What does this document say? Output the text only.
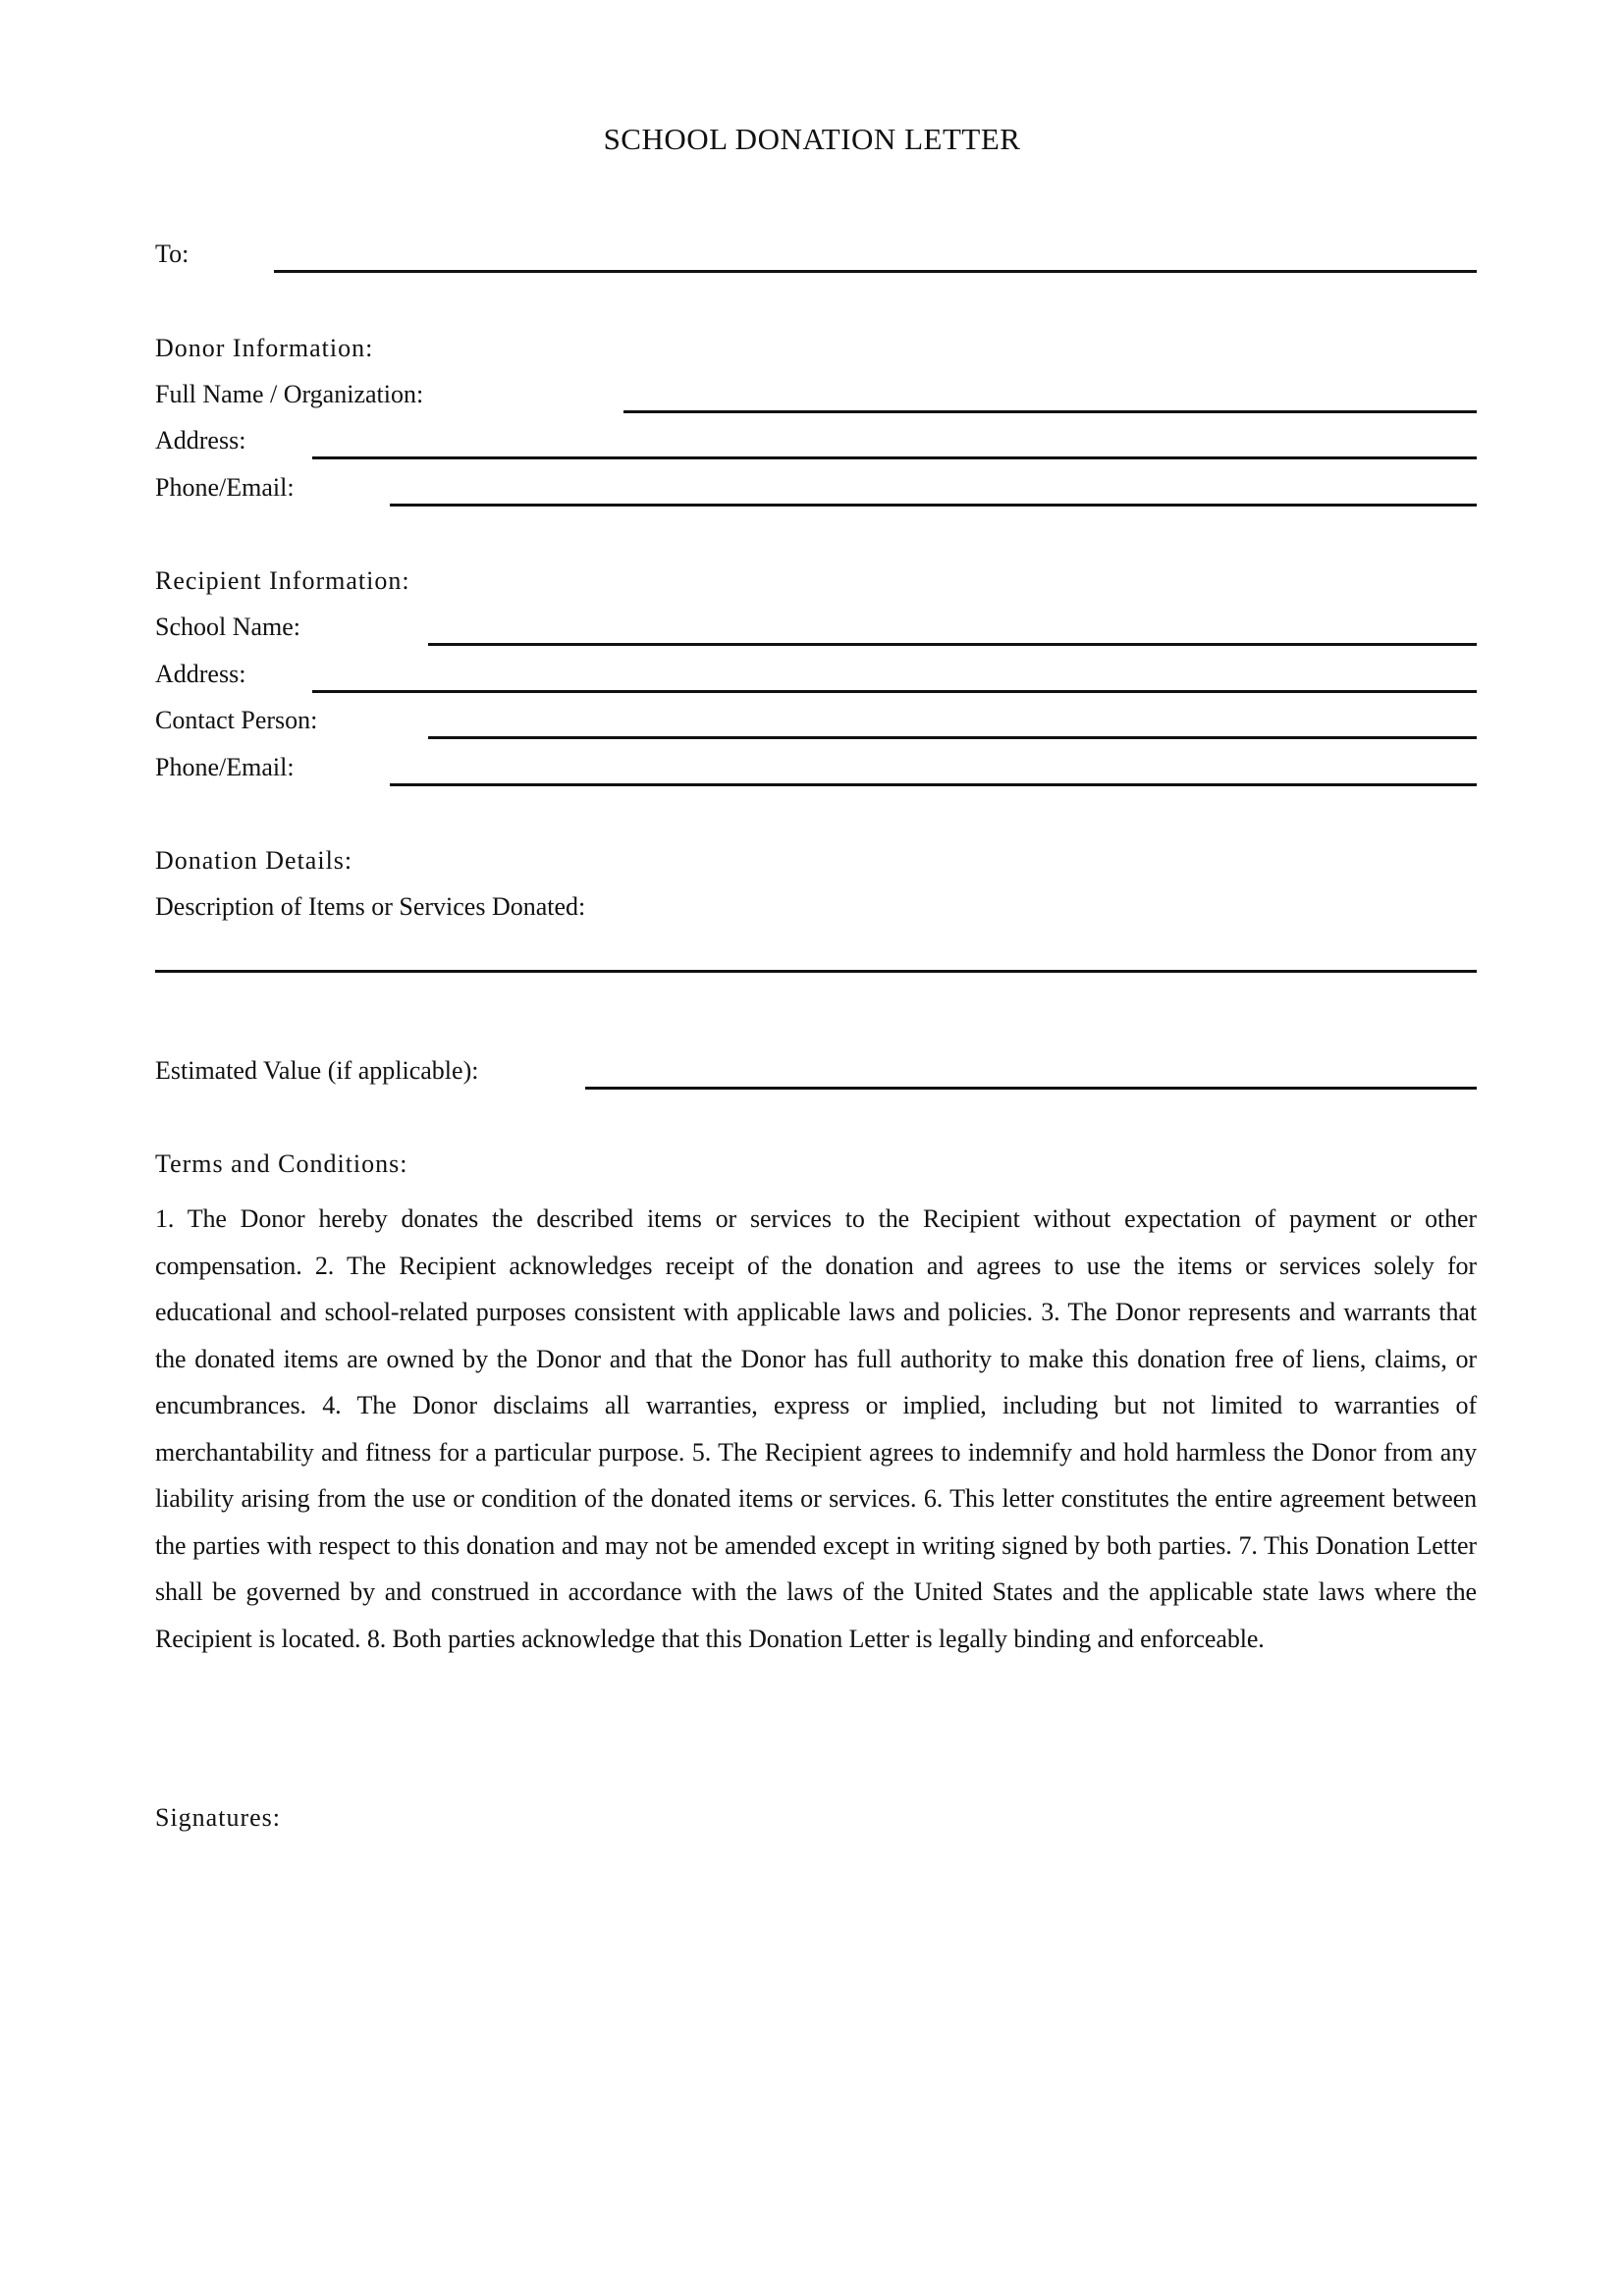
SCHOOL DONATION LETTER
To:
Donor Information:
Full Name / Organization:
Address:
Phone/Email:
Recipient Information:
School Name:
Address:
Contact Person:
Phone/Email:
Donation Details:
Description of Items or Services Donated:
Estimated Value (if applicable):
Terms and Conditions:
1. The Donor hereby donates the described items or services to the Recipient without expectation of payment or other compensation. 2. The Recipient acknowledges receipt of the donation and agrees to use the items or services solely for educational and school-related purposes consistent with applicable laws and policies. 3. The Donor represents and warrants that the donated items are owned by the Donor and that the Donor has full authority to make this donation free of liens, claims, or encumbrances. 4. The Donor disclaims all warranties, express or implied, including but not limited to warranties of merchantability and fitness for a particular purpose. 5. The Recipient agrees to indemnify and hold harmless the Donor from any liability arising from the use or condition of the donated items or services. 6. This letter constitutes the entire agreement between the parties with respect to this donation and may not be amended except in writing signed by both parties. 7. This Donation Letter shall be governed by and construed in accordance with the laws of the United States and the applicable state laws where the Recipient is located. 8. Both parties acknowledge that this Donation Letter is legally binding and enforceable.
Signatures:
